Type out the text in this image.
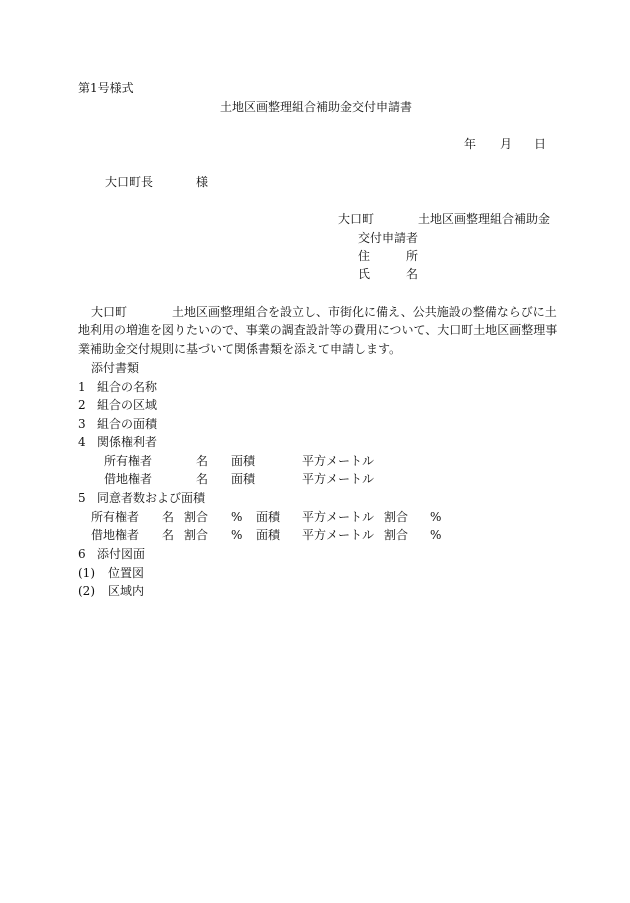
第1号様式
土地区画整理組合補助金交付申請書
年 月 日
大口町長	様
大口町	土地区画整理組合補助金
交付申請者
住	所
氏	名
大口町	土地区画整理組合を設立し、市街化に備え、公共施設の整備ならびに土
地利用の増進を図りたいので、事業の調査設計等の費用について、大口町土地区画整理事
業補助金交付規則に基づいて関係書類を添えて申請します。
添付書類
1 組合の名称
2 組合の区域
3 組合の面積
4 関係権利者
所有権者	名 面積	平方メートル
借地権者	名 面積	平方メートル
5 同意者数および面積
所有権者 名 割合 % 面積 平方メートル 割合 %
借地権者 名 割合 % 面積 平方メートル 割合 %
6 添付図面
(1) 位置図
(2) 区域内
